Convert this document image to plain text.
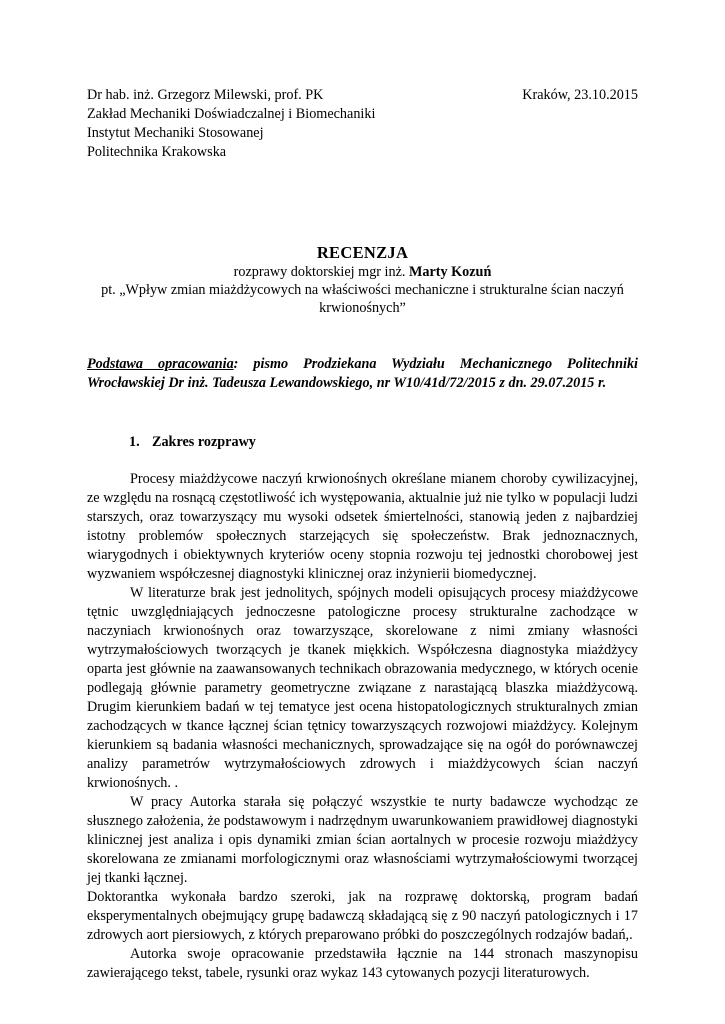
Dr hab. inż. Grzegorz Milewski, prof. PK
Zakład Mechaniki Doświadczalnej i Biomechaniki
Instytut Mechaniki Stosowanej
Politechnika Krakowska
Kraków, 23.10.2015
RECENZJA
rozprawy doktorskiej mgr inż. Marty Kozuń
pt. „Wpływ zmian miażdżycowych na właściwości mechaniczne i strukturalne ścian naczyń krwionośnych”
Podstawa opracowania: pismo Prodziekana Wydziału Mechanicznego Politechniki Wrocławskiej Dr inż. Tadeusza Lewandowskiego, nr W10/41d/72/2015 z dn. 29.07.2015 r.
1. Zakres rozprawy

Procesy miażdżycowe naczyń krwionośnych określane mianem choroby cywilizacyjnej, ze względu na rosnącą częstotliwość ich występowania, aktualnie już nie tylko w populacji ludzi starszych, oraz towarzyszący mu wysoki odsetek śmiertelności, stanowią jeden z najbardziej istotny problemów społecznych starzejących się społeczeństw. Brak jednoznacznych, wiarygodnych i obiektywnych kryteriów oceny stopnia rozwoju tej jednostki chorobowej jest wyzwaniem współczesnej diagnostyki klinicznej oraz inżynierii biomedycznej.

W literaturze brak jest jednolitych, spójnych modeli opisujących procesy miażdżycowe tętnic uwzględniających jednoczesne patologiczne procesy strukturalne zachodzące w naczyniach krwionośnych oraz towarzyszące, skorelowane z nimi zmiany własności wytrzymałościowych tworzących je tkanek miękkich. Współczesna diagnostyka miażdżycy oparta jest głównie na zaawansowanych technikach obrazowania medycznego, w których ocenie podlegają głównie parametry geometryczne związane z narastającą blaszka miażdżycową. Drugim kierunkiem badań w tej tematyce jest ocena histopatologicznych strukturalnych zmian zachodzących w tkance łącznej ścian tętnicy towarzyszących rozwojowi miażdżycy. Kolejnym kierunkiem są badania własności mechanicznych, sprowadzające się na ogół do porównawczej analizy parametrów wytrzymałościowych zdrowych i miażdżycowych ścian naczyń krwionośnych. .

W pracy Autorka starała się połączyć wszystkie te nurty badawcze wychodząc ze słusznego założenia, że podstawowym i nadrzędnym uwarunkowaniem prawidłowej diagnostyki klinicznej jest analiza i opis dynamiki zmian ścian aortalnych w procesie rozwoju miażdżycy skorelowana ze zmianami morfologicznymi oraz własnościami wytrzymałościowymi tworzącej jej tkanki łącznej.

Doktorantka wykonała bardzo szeroki, jak na rozprawę doktorską, program badań eksperymentalnych obejmujący grupę badawczą składającą się z 90 naczyń patologicznych i 17 zdrowych aort piersiowych, z których preparowano próbki do poszczególnych rodzajów badań,.

Autorka swoje opracowanie przedstawiła łącznie na 144 stronach maszynopisu zawierającego tekst, tabele, rysunki oraz wykaz 143 cytowanych pozycji literaturowych.
